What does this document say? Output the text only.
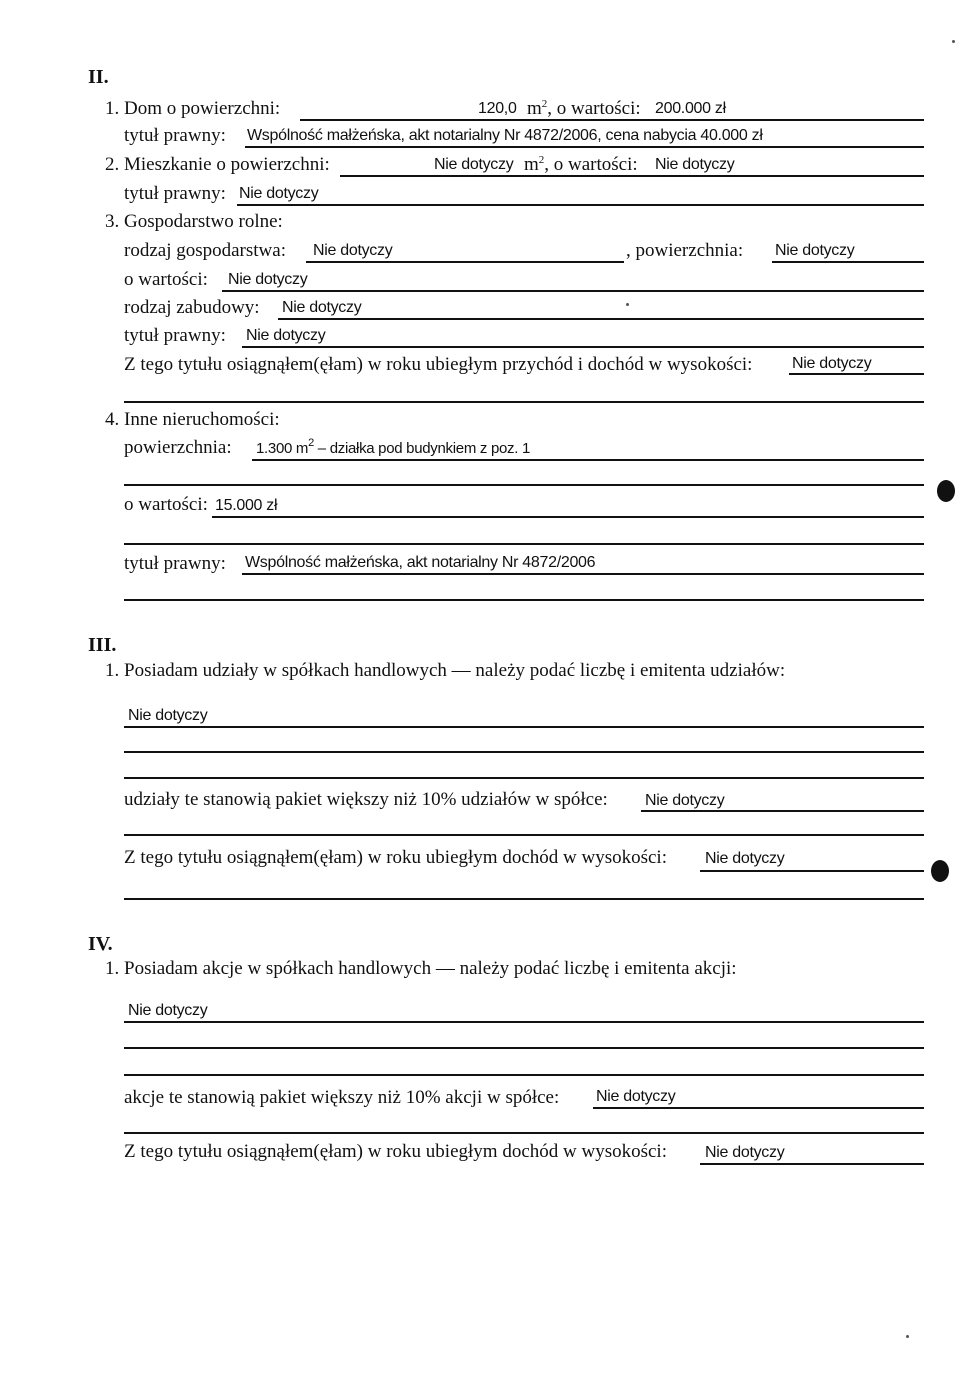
II.
1. Dom o powierzchni:	120,0 $m^2$, o wartości: 200.000 zł
tytuł prawny: Wspólność małżeńska, akt notarialny Nr 4872/2006, cena nabycia 40.000 zł
2. Mieszkanie o powierzchni:	Nie dotyczy $m^2$, o wartości: Nie dotyczy
tytuł prawny: Nie dotyczy
3. Gospodarstwo rolne:
rodzaj gospodarstwa: Nie dotyczy	, powierzchnia: Nie dotyczy
o wartości: Nie dotyczy
rodzaj zabudowy: Nie dotyczy
tytuł prawny: Nie dotyczy
Z tego tytułu osiągnąłem(ęłam) w roku ubiegłym przychód i dochód w wysokości: Nie dotyczy
4. Inne nieruchomości:
powierzchnia: 1.300 $m^2$ – działka pod budynkiem z poz. 1
o wartości: 15.000 zł
tytuł prawny: Wspólność małżeńska, akt notarialny Nr 4872/2006
III.
1. Posiadam udziały w spółkach handlowych — należy podać liczbę i emitenta udziałów:
Nie dotyczy
udziały te stanowią pakiet większy niż 10% udziałów w spółce: Nie dotyczy
Z tego tytułu osiągnąłem(ęłam) w roku ubiegłym dochód w wysokości: Nie dotyczy
IV.
1. Posiadam akcje w spółkach handlowych — należy podać liczbę i emitenta akcji:
Nie dotyczy
akcje te stanowią pakiet większy niż 10% akcji w spółce: Nie dotyczy
Z tego tytułu osiągnąłem(ęłam) w roku ubiegłym dochód w wysokości: Nie dotyczy
